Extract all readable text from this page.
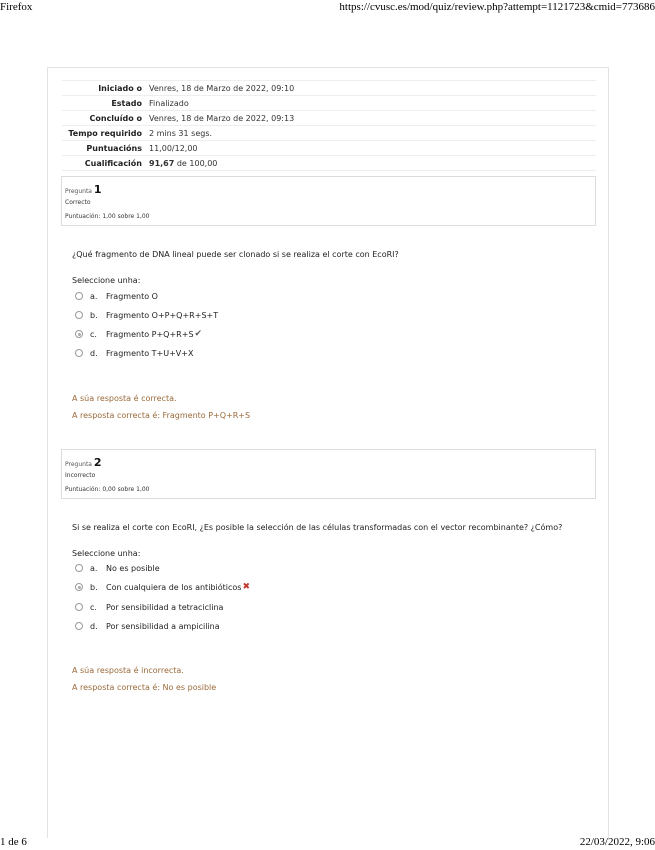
Firefox	https://cvusc.es/mod/quiz/review.php?attempt=1121723&cmid=773686
Iniciado o	Venres, 18 de Marzo de 2022, 09:10
Estado	Finalizado
Concluído o	Venres, 18 de Marzo de 2022, 09:13
Tempo requirido	2 mins 31 segs.
Puntuacións	11,00/12,00
Cualificación	91,67 de 100,00
Pregunta 1
Correcto
Puntuación: 1,00 sobre 1,00
¿Qué fragmento de DNA lineal puede ser clonado si se realiza el corte con EcoRI?
Seleccione unha:
a.	Fragmento O
b.	Fragmento O+P+Q+R+S+T
c.	Fragmento P+Q+R+S ✔
d.	Fragmento T+U+V+X
A súa resposta é correcta.
A resposta correcta é: Fragmento P+Q+R+S
Pregunta 2
Incorrecto
Puntuación: 0,00 sobre 1,00
Si se realiza el corte con EcoRI, ¿Es posible la selección de las células transformadas con el vector recombinante? ¿Cómo?
Seleccione unha:
a.	No es posible
b.	Con cualquiera de los antibióticos ✖
c.	Por sensibilidad a tetraciclina
d.	Por sensibilidad a ampicilina
A súa resposta é incorrecta.
A resposta correcta é: No es posible
1 de 6	22/03/2022, 9:06
